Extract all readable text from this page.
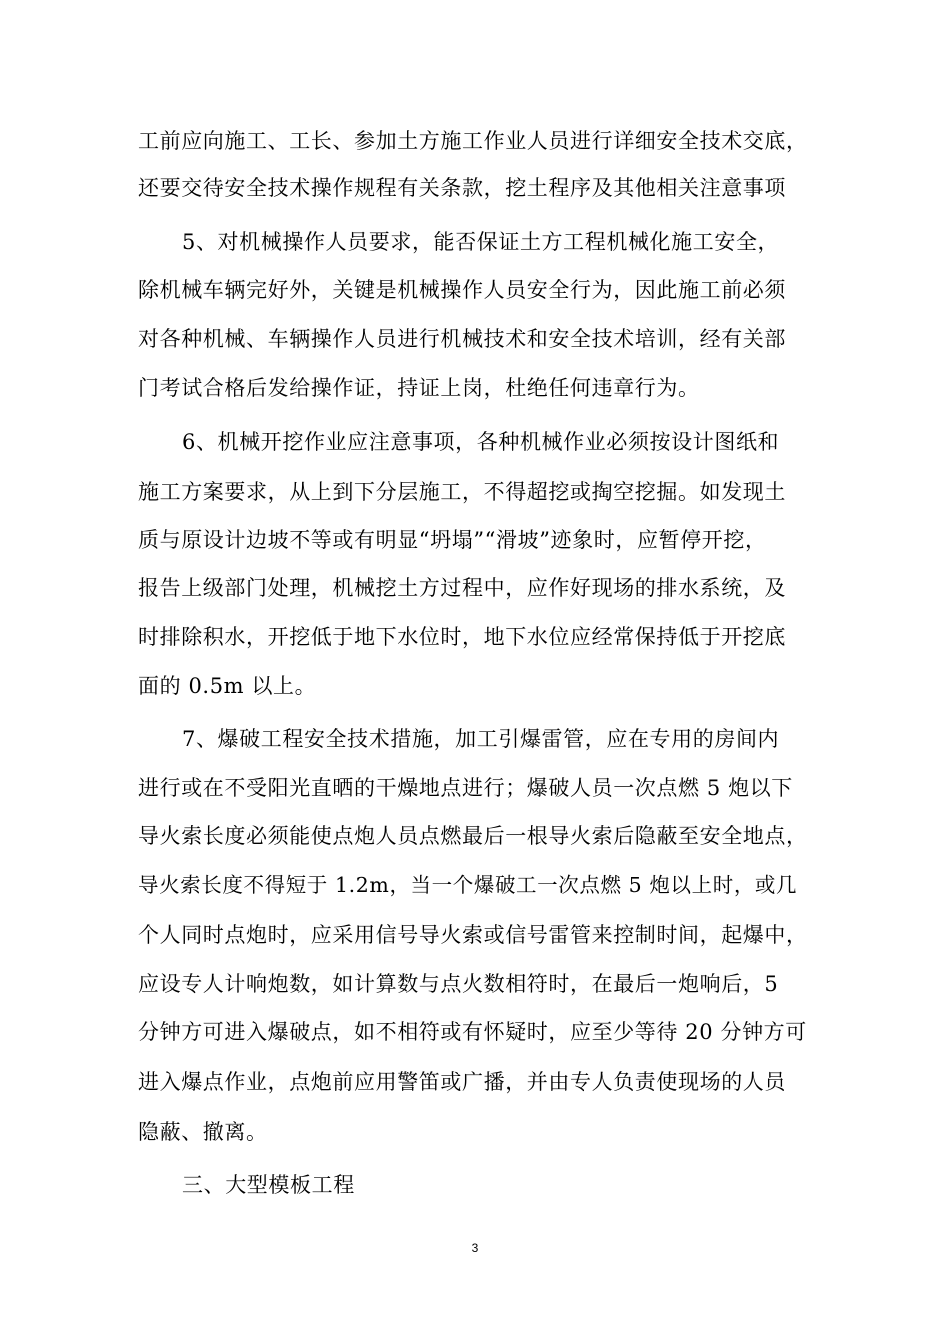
工前应向施工、工长、参加土方施工作业人员进行详细安全技术交底，
还要交待安全技术操作规程有关条款，挖土程序及其他相关注意事项
5、对机械操作人员要求，能否保证土方工程机械化施工安全，
除机械车辆完好外，关键是机械操作人员安全行为，因此施工前必须
对各种机械、车辆操作人员进行机械技术和安全技术培训，经有关部
门考试合格后发给操作证，持证上岗，杜绝任何违章行为。
6、机械开挖作业应注意事项，各种机械作业必须按设计图纸和
施工方案要求，从上到下分层施工，不得超挖或掏空挖掘。如发现土
质与原设计边坡不等或有明显“坍塌”“滑坡”迹象时，应暂停开挖，
报告上级部门处理，机械挖土方过程中，应作好现场的排水系统，及
时排除积水，开挖低于地下水位时，地下水位应经常保持低于开挖底
面的 0.5m 以上。
7、爆破工程安全技术措施，加工引爆雷管，应在专用的房间内
进行或在不受阳光直晒的干燥地点进行；爆破人员一次点燃 5 炮以下
导火索长度必须能使点炮人员点燃最后一根导火索后隐蔽至安全地点，
导火索长度不得短于 1.2m，当一个爆破工一次点燃 5 炮以上时，或几
个人同时点炮时，应采用信号导火索或信号雷管来控制时间，起爆中，
应设专人计响炮数，如计算数与点火数相符时，在最后一炮响后，5
分钟方可进入爆破点，如不相符或有怀疑时，应至少等待 20 分钟方可
进入爆点作业，点炮前应用警笛或广播，并由专人负责使现场的人员
隐蔽、撤离。
三、大型模板工程
3
